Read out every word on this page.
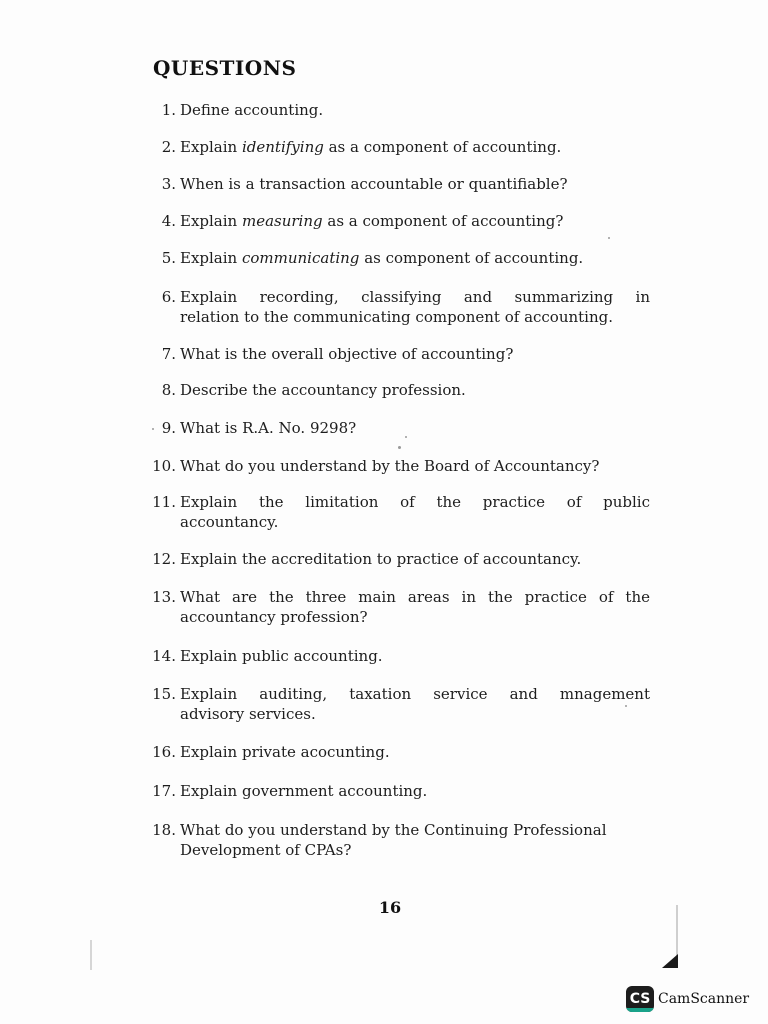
QUESTIONS
1. Define accounting.
2. Explain identifying as a component of accounting.
3. When is a transaction accountable or quantifiable?
4. Explain measuring as a component of accounting?
5. Explain communicating as component of accounting.
6. Explain recording, classifying and summarizing in
relation to the communicating component of accounting.
7. What is the overall objective of accounting?
8. Describe the accountancy profession.
9. What is R.A. No. 9298?
10. What do you understand by the Board of Accountancy?
11. Explain the limitation of the practice of public
accountancy.
12. Explain the accreditation to practice of accountancy.
13. What are the three main areas in the practice of the
accountancy profession?
14. Explain public accounting.
15. Explain auditing, taxation service and mnagement
advisory services.
16. Explain private acocunting.
17. Explain government accounting.
18. What do you understand by the Continuing Professional
Development of CPAs?
16
CS CamScanner
